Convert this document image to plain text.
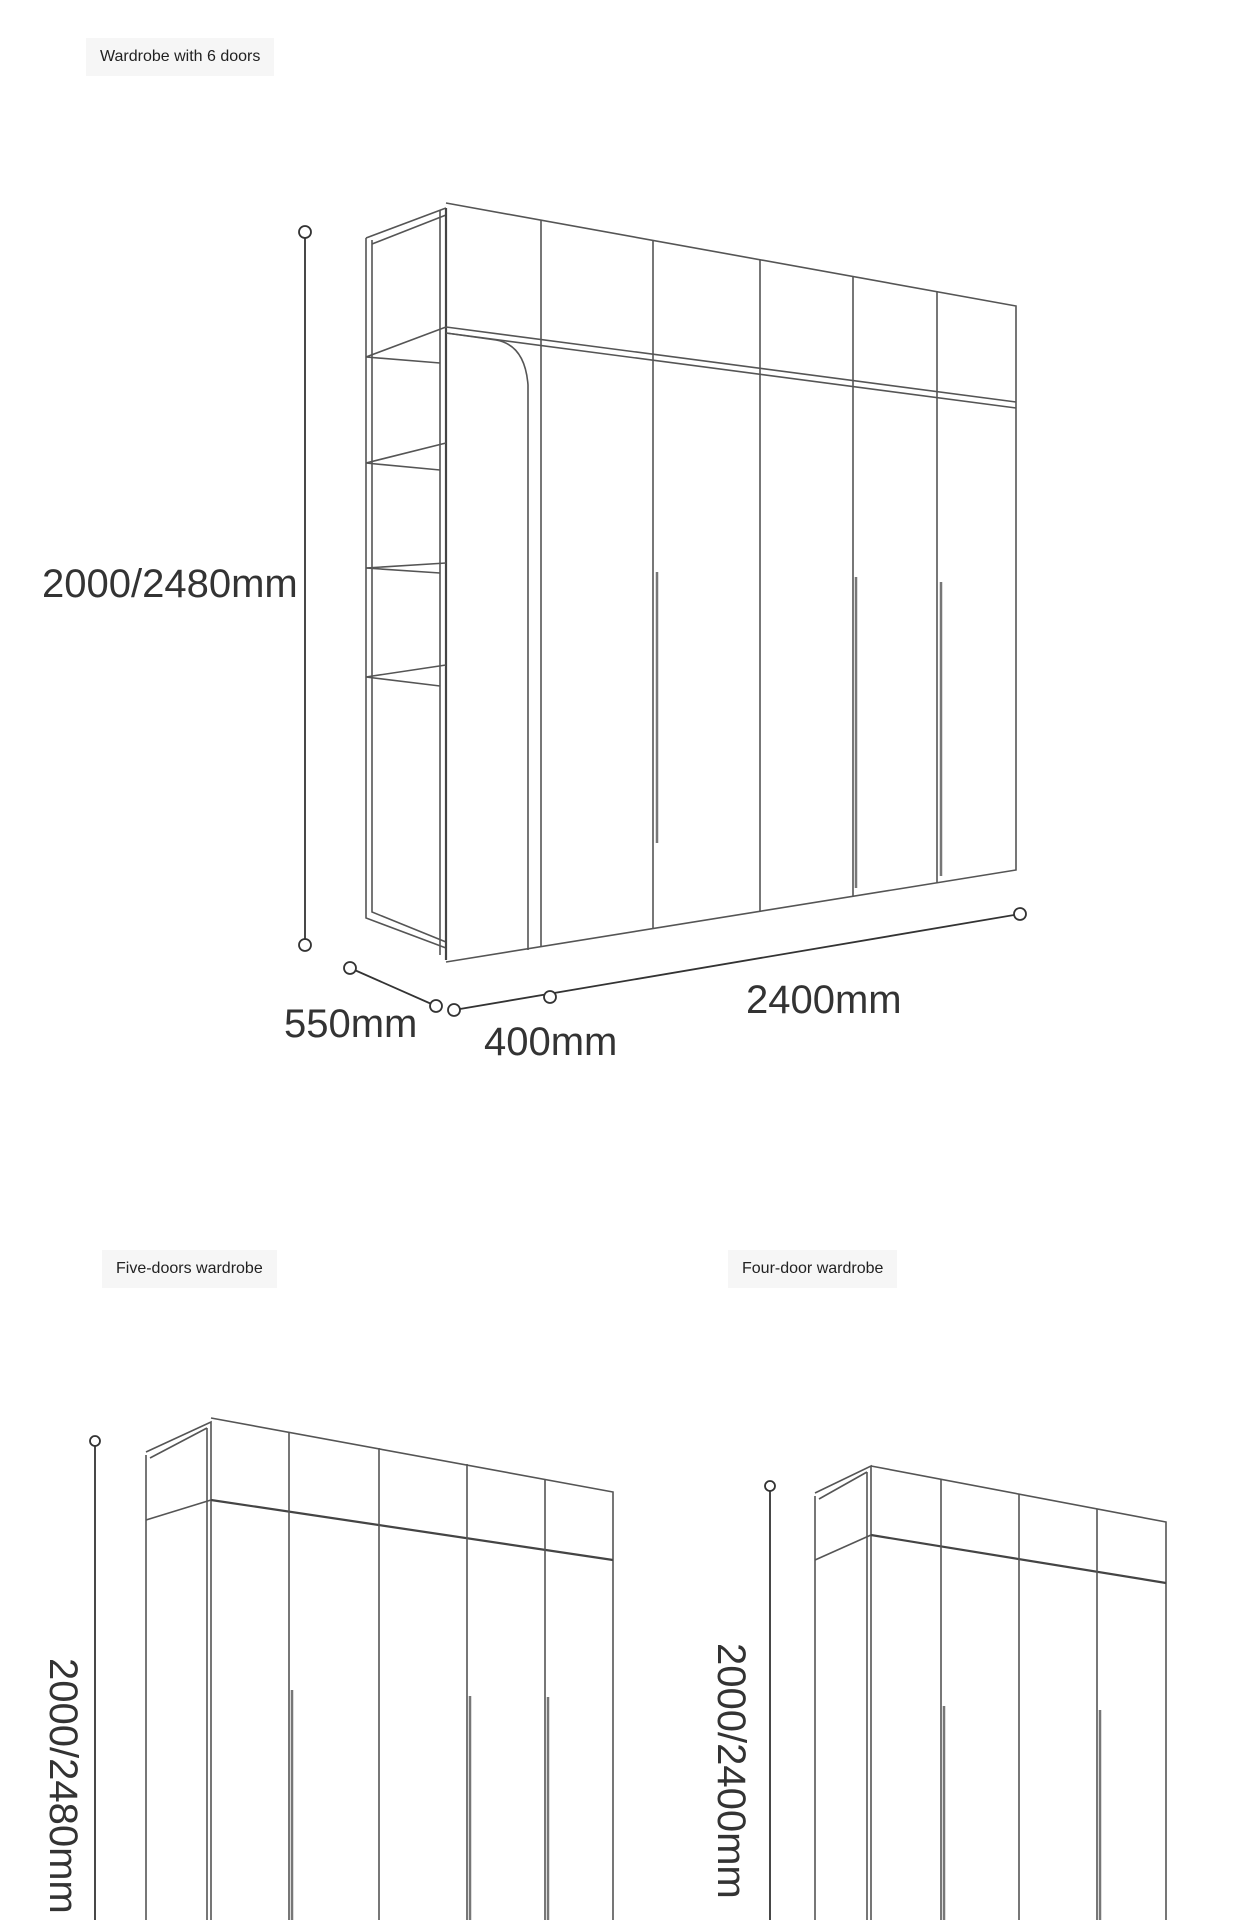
Wardrobe with 6 doors
Five-doors wardrobe	Four-door wardrobe
2000/2480mm
550mm 400mm
2400mm
2000/2480mm	2000/2400mm
